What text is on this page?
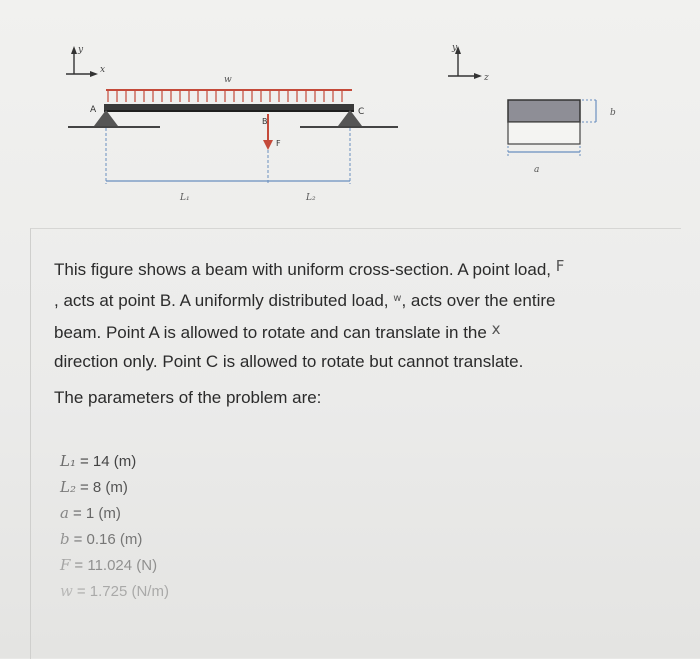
y
x
w
A	C
B
F
L₁	L₂
y
z
b
a
This figure shows a beam with uniform cross-section. A point load, F
, acts at point B. A uniformly distributed load, $^w$, acts over the entire
beam. Point A is allowed to rotate and can translate in the x
direction only. Point C is allowed to rotate but cannot translate.
The parameters of the problem are:
L₁ = 14 (m)
L₂ = 8 (m)
a = 1 (m)
b = 0.16 (m)
F = 11.024 (N)
w = 1.725 (N/m)
